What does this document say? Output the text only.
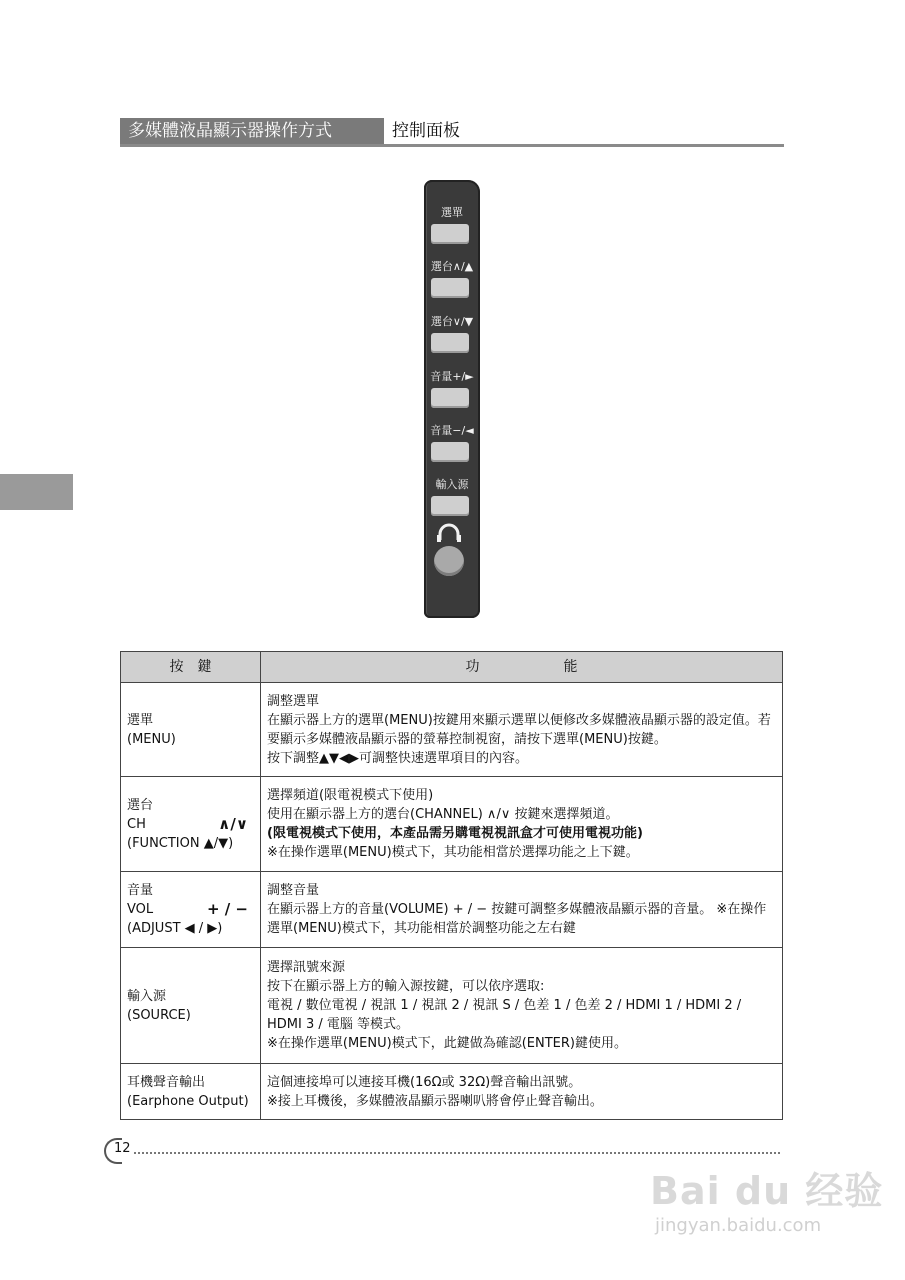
多媒體液晶顯示器操作方式	控制面板
選單
選台∧/▲
選台∨/▼
音量+/►
音量−/◄
輸入源
按　鍵	功　　　　　　能

選單
(MENU)	調整選單
在顯示器上方的選單(MENU)按鍵用來顯示選單以便修改多媒體液晶顯示器的設定值。若要顯示多媒體液晶顯示器的螢幕控制視窗，請按下選單(MENU)按鍵。
按下調整▲▼◀▶可調整快速選單項目的內容。

選台
CH ∧/∨
(FUNCTION ▲/▼)	選擇頻道(限電視模式下使用)
使用在顯示器上方的選台(CHANNEL) ∧/∨ 按鍵來選擇頻道。
(限電視模式下使用，本產品需另購電視視訊盒才可使用電視功能)
※在操作選單(MENU)模式下，其功能相當於選擇功能之上下鍵。

音量
VOL + / −
(ADJUST ◀ / ▶)	調整音量
在顯示器上方的音量(VOLUME) + / − 按鍵可調整多媒體液晶顯示器的音量。 ※在操作選單(MENU)模式下，其功能相當於調整功能之左右鍵

輸入源
(SOURCE)	選擇訊號來源
按下在顯示器上方的輸入源按鍵，可以依序選取:
電視 / 數位電視 / 視訊 1 / 視訊 2 / 視訊 S / 色差 1 / 色差 2 / HDMI 1 / HDMI 2 / HDMI 3 / 電腦 等模式。
※在操作選單(MENU)模式下，此鍵做為確認(ENTER)鍵使用。

耳機聲音輸出
(Earphone Output)	這個連接埠可以連接耳機(16Ω或 32Ω)聲音輸出訊號。
※接上耳機後，多媒體液晶顯示器喇叭將會停止聲音輸出。
12
Bai du 经验
jingyan.baidu.com
